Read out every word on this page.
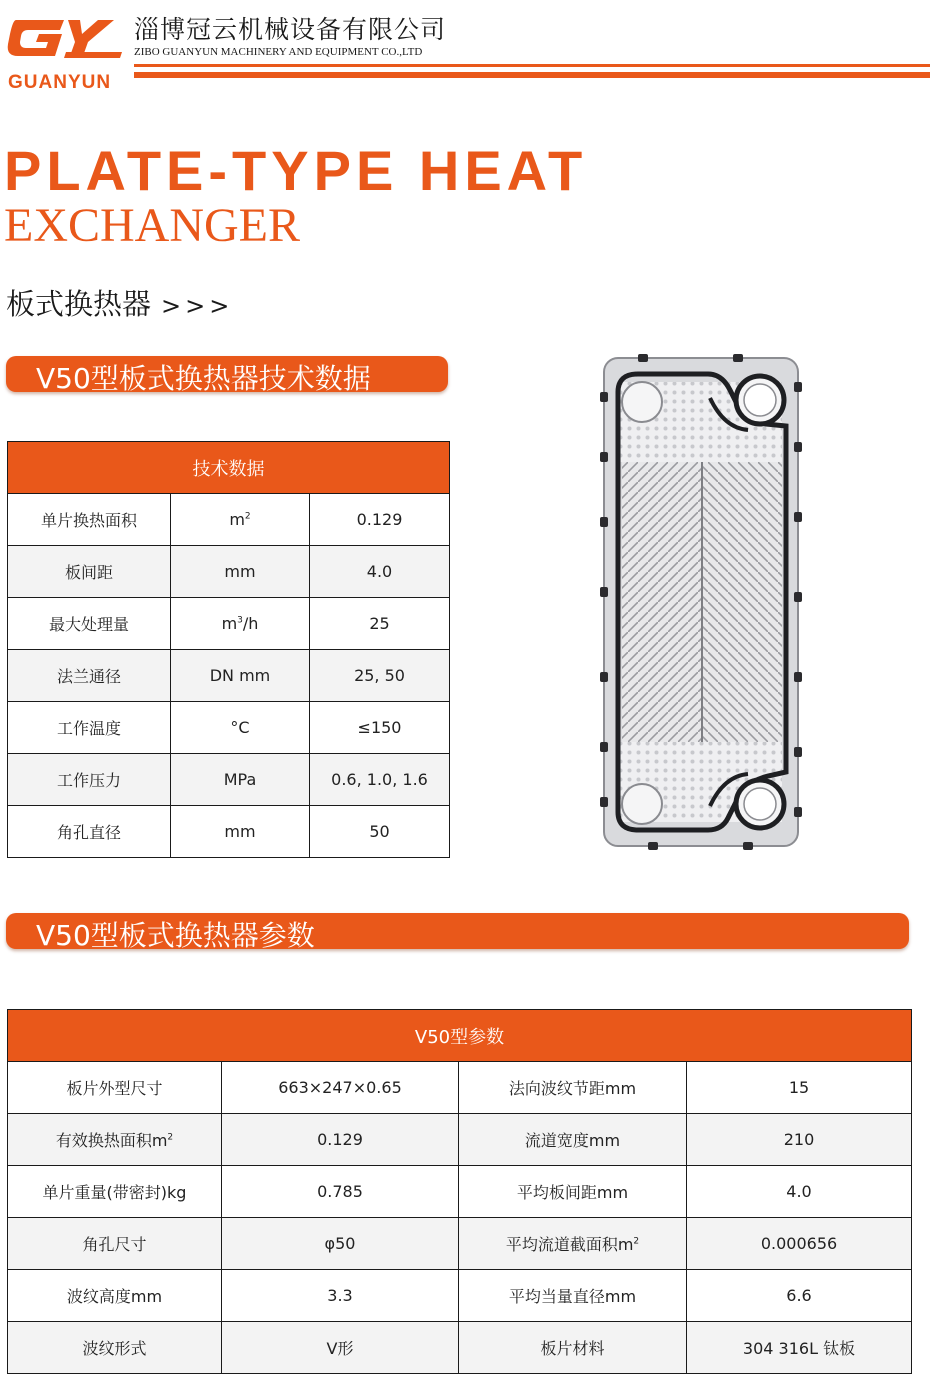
GUANYUN
淄博冠云机械设备有限公司
ZIBO GUANYUN MACHINERY AND EQUIPMENT CO.,LTD
PLATE-TYPE HEAT
EXCHANGER
板式换热器 >>>
V50型板式换热器技术数据
技术数据		
单片换热面积	$m^2$	0.129
板间距	mm	4.0
最大处理量	$m^3/h$	25
法兰通径	DN mm	25, 50
工作温度	°C	≤150
工作压力	MPa	0.6, 1.0, 1.6
角孔直径	mm	50
V50型板式换热器参数
V50型参数			
板片外型尺寸	663×247×0.65	法向波纹节距mm	15
有效换热面积$m^2$	0.129	流道宽度mm	210
单片重量(带密封)kg	0.785	平均板间距mm	4.0
角孔尺寸	φ50	平均流道截面积$m^2$	0.000656
波纹高度mm	3.3	平均当量直径mm	6.6
波纹形式	V形	板片材料	304 316L 钛板
